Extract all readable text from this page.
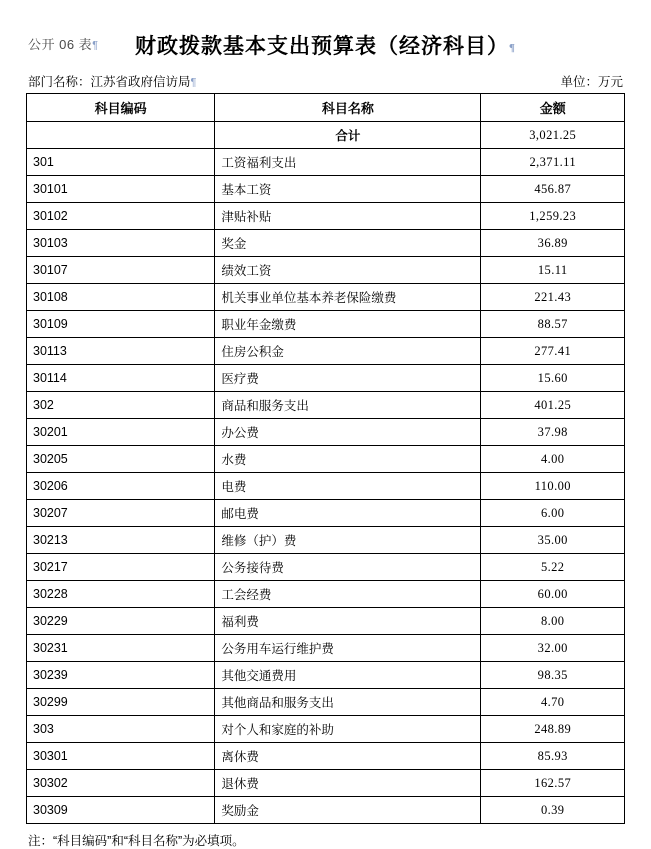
公开 06 表¶	财政拨款基本支出预算表（经济科目）¶
部门名称：江苏省政府信访局¶	单位：万元
科目编码	科目名称	金额
	合计	3,021.25
301	工资福利支出	2,371.11
30101	基本工资	456.87
30102	津贴补贴	1,259.23
30103	奖金	36.89
30107	绩效工资	15.11
30108	机关事业单位基本养老保险缴费	221.43
30109	职业年金缴费	88.57
30113	住房公积金	277.41
30114	医疗费	15.60
302	商品和服务支出	401.25
30201	办公费	37.98
30205	水费	4.00
30206	电费	110.00
30207	邮电费	6.00
30213	维修（护）费	35.00
30217	公务接待费	5.22
30228	工会经费	60.00
30229	福利费	8.00
30231	公务用车运行维护费	32.00
30239	其他交通费用	98.35
30299	其他商品和服务支出	4.70
303	对个人和家庭的补助	248.89
30301	离休费	85.93
30302	退休费	162.57
30309	奖励金	0.39
注：“科目编码”和“科目名称”为必填项。
